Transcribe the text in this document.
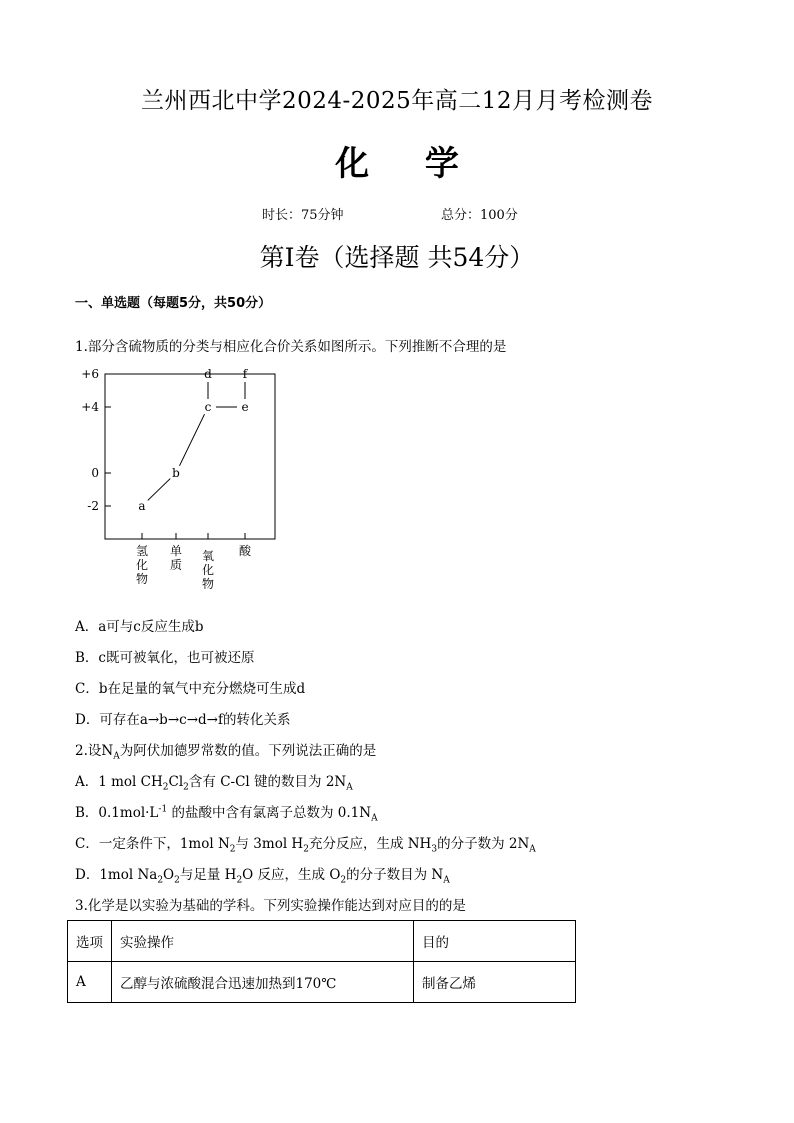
兰州西北中学2024-2025年高二12月月考检测卷
化 学
时长：75分钟	总分：100分
第Ⅰ卷（选择题 共54分）
一、单选题（每题5分，共50分）
1.部分含硫物质的分类与相应化合价关系如图所示。下列推断不合理的是
+6
+4
0
-2
氢
化
物
单
质
氧
化
物
酸
a
b
c
d
e
f
A．a可与c反应生成b
B．c既可被氧化，也可被还原
C．b在足量的氧气中充分燃烧可生成d
D．可存在a→b→c→d→f的转化关系
2.设$N_A$为阿伏加德罗常数的值。下列说法正确的是
A．1 mol $CH_2Cl_2$含有 C-Cl 键的数目为 $2N_A$
B．$0.1mol\cdot L^{-1}$ 的盐酸中含有氯离子总数为 $0.1N_A$
C．一定条件下，1mol $N_2$与 3mol $H_2$充分反应，生成 $NH_3$的分子数为 $2N_A$
D．1mol $Na_2O_2$与足量 $H_2O$ 反应，生成 $O_2$的分子数目为 $N_A$
3.化学是以实验为基础的学科。下列实验操作能达到对应目的的是
选项	实验操作	目的
A	乙醇与浓硫酸混合迅速加热到170℃	制备乙烯
